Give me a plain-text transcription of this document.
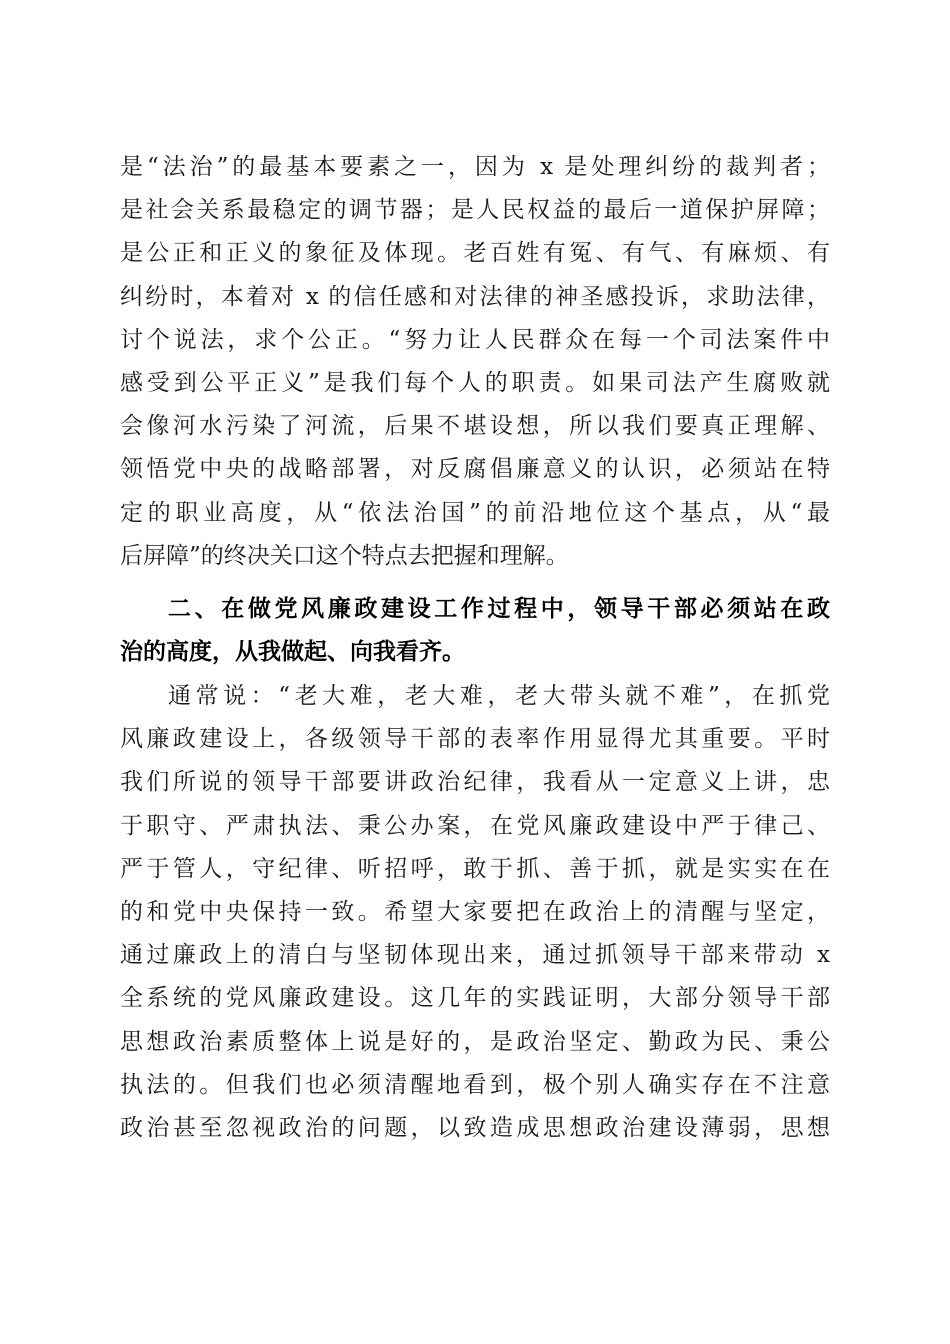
是“法治”的最基本要素之一，因为 x 是处理纠纷的裁判者；
是社会关系最稳定的调节器；是人民权益的最后一道保护屏障；
是公正和正义的象征及体现。老百姓有冤、有气、有麻烦、有
纠纷时，本着对 x 的信任感和对法律的神圣感投诉，求助法律，
讨个说法，求个公正。“努力让人民群众在每一个司法案件中
感受到公平正义”是我们每个人的职责。如果司法产生腐败就
会像河水污染了河流，后果不堪设想，所以我们要真正理解、
领悟党中央的战略部署，对反腐倡廉意义的认识，必须站在特
定的职业高度，从“依法治国”的前沿地位这个基点，从“最
后屏障”的终决关口这个特点去把握和理解。
二、在做党风廉政建设工作过程中，领导干部必须站在政
治的高度，从我做起、向我看齐。
通常说：“老大难，老大难，老大带头就不难”，在抓党
风廉政建设上，各级领导干部的表率作用显得尤其重要。平时
我们所说的领导干部要讲政治纪律，我看从一定意义上讲，忠
于职守、严肃执法、秉公办案，在党风廉政建设中严于律己、
严于管人，守纪律、听招呼，敢于抓、善于抓，就是实实在在
的和党中央保持一致。希望大家要把在政治上的清醒与坚定，
通过廉政上的清白与坚韧体现出来，通过抓领导干部来带动 x
全系统的党风廉政建设。这几年的实践证明，大部分领导干部
思想政治素质整体上说是好的，是政治坚定、勤政为民、秉公
执法的。但我们也必须清醒地看到，极个别人确实存在不注意
政治甚至忽视政治的问题，以致造成思想政治建设薄弱，思想
